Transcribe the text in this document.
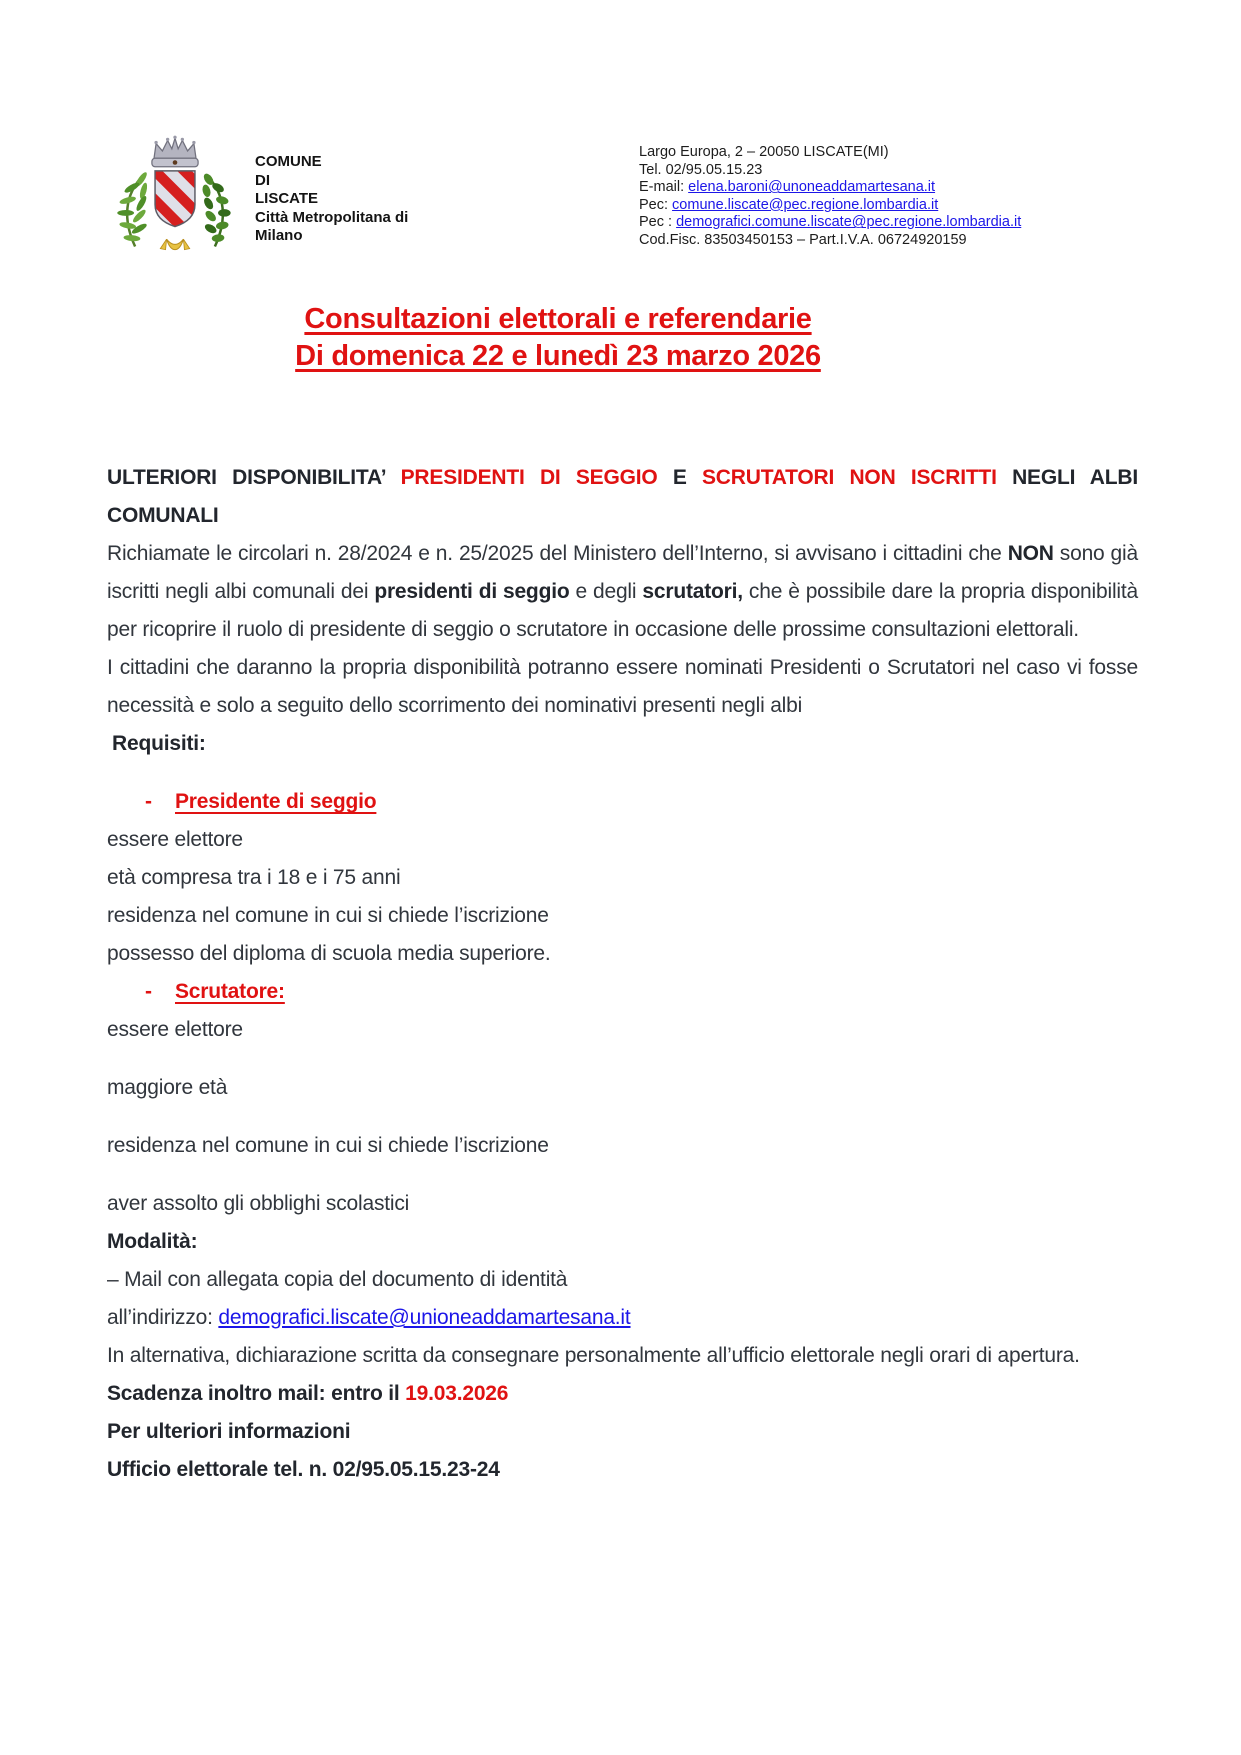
COMUNE
DI
LISCATE
Città Metropolitana di
Milano
Largo Europa, 2 – 20050 LISCATE(MI)
Tel. 02/95.05.15.23
E-mail: elena.baroni@unoneaddamartesana.it
Pec: comune.liscate@pec.regione.lombardia.it
Pec : demografici.comune.liscate@pec.regione.lombardia.it
Cod.Fisc. 83503450153 – Part.I.V.A. 06724920159
Consultazioni elettorali e referendarie
Di domenica 22 e lunedì 23 marzo 2026

ULTERIORI DISPONIBILITA’ PRESIDENTI DI SEGGIO E SCRUTATORI NON ISCRITTI NEGLI ALBI COMUNALI

Richiamate le circolari n. 28/2024 e n. 25/2025 del Ministero dell’Interno, si avvisano i cittadini che NON sono già iscritti negli albi comunali dei presidenti di seggio e degli scrutatori, che è possibile dare la propria disponibilità per ricoprire il ruolo di presidente di seggio o scrutatore in occasione delle prossime consultazioni elettorali.

I cittadini che daranno la propria disponibilità potranno essere nominati Presidenti o Scrutatori nel caso vi fosse necessità e solo a seguito dello scorrimento dei nominativi presenti negli albi

Requisiti:

- Presidente di seggio

essere elettore

età compresa tra i 18 e i 75 anni

residenza nel comune in cui si chiede l’iscrizione

possesso del diploma di scuola media superiore.

- Scrutatore:

essere elettore

maggiore età

residenza nel comune in cui si chiede l’iscrizione

aver assolto gli obblighi scolastici

Modalità:

– Mail con allegata copia del documento di identità

all’indirizzo: demografici.liscate@unioneaddamartesana.it

In alternativa, dichiarazione scritta da consegnare personalmente all’ufficio elettorale negli orari di apertura.

Scadenza inoltro mail: entro il 19.03.2026

Per ulteriori informazioni

Ufficio elettorale tel. n. 02/95.05.15.23-24
